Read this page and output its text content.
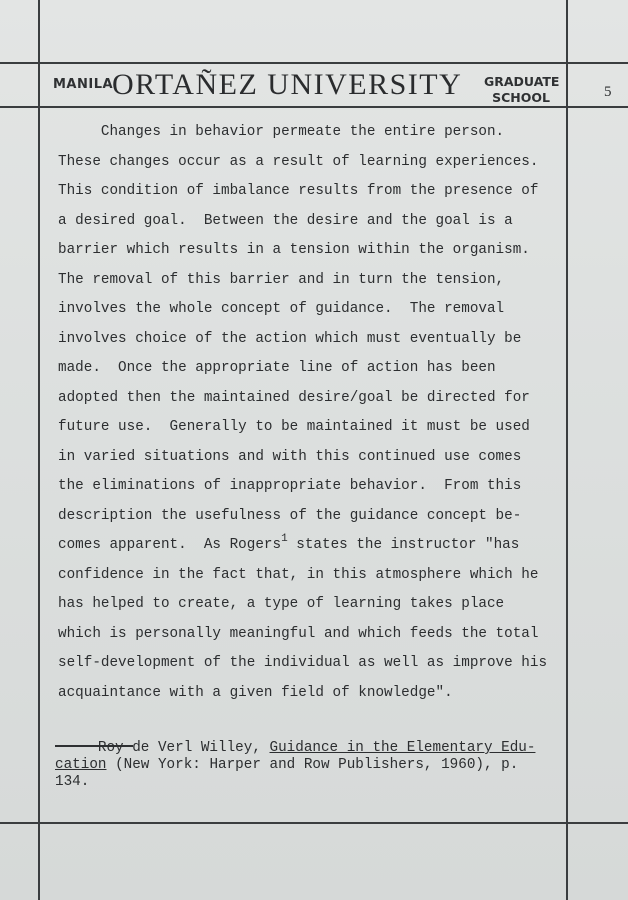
MANILA
ORTAÑEZ UNIVERSITY GRADUATE
SCHOOL	5
Changes in behavior permeate the entire person.
These changes occur as a result of learning experiences.
This condition of imbalance results from the presence of
a desired goal.  Between the desire and the goal is a
barrier which results in a tension within the organism.
The removal of this barrier and in turn the tension,
involves the whole concept of guidance.  The removal
involves choice of the action which must eventually be
made.  Once the appropriate line of action has been
adopted then the maintained desire/goal be directed for
future use.  Generally to be maintained it must be used
in varied situations and with this continued use comes
the eliminations of inappropriate behavior.  From this
description the usefulness of the guidance concept be-
comes apparent.  As Rogers$^1$ states the instructor "has
confidence in the fact that, in this atmosphere which he
has helped to create, a type of learning takes place
which is personally meaningful and which feeds the total
self-development of the individual as well as improve his
acquaintance with a given field of knowledge".
Roy de Verl Willey, Guidance in the Elementary Edu-
cation (New York: Harper and Row Publishers, 1960), p.
134.
